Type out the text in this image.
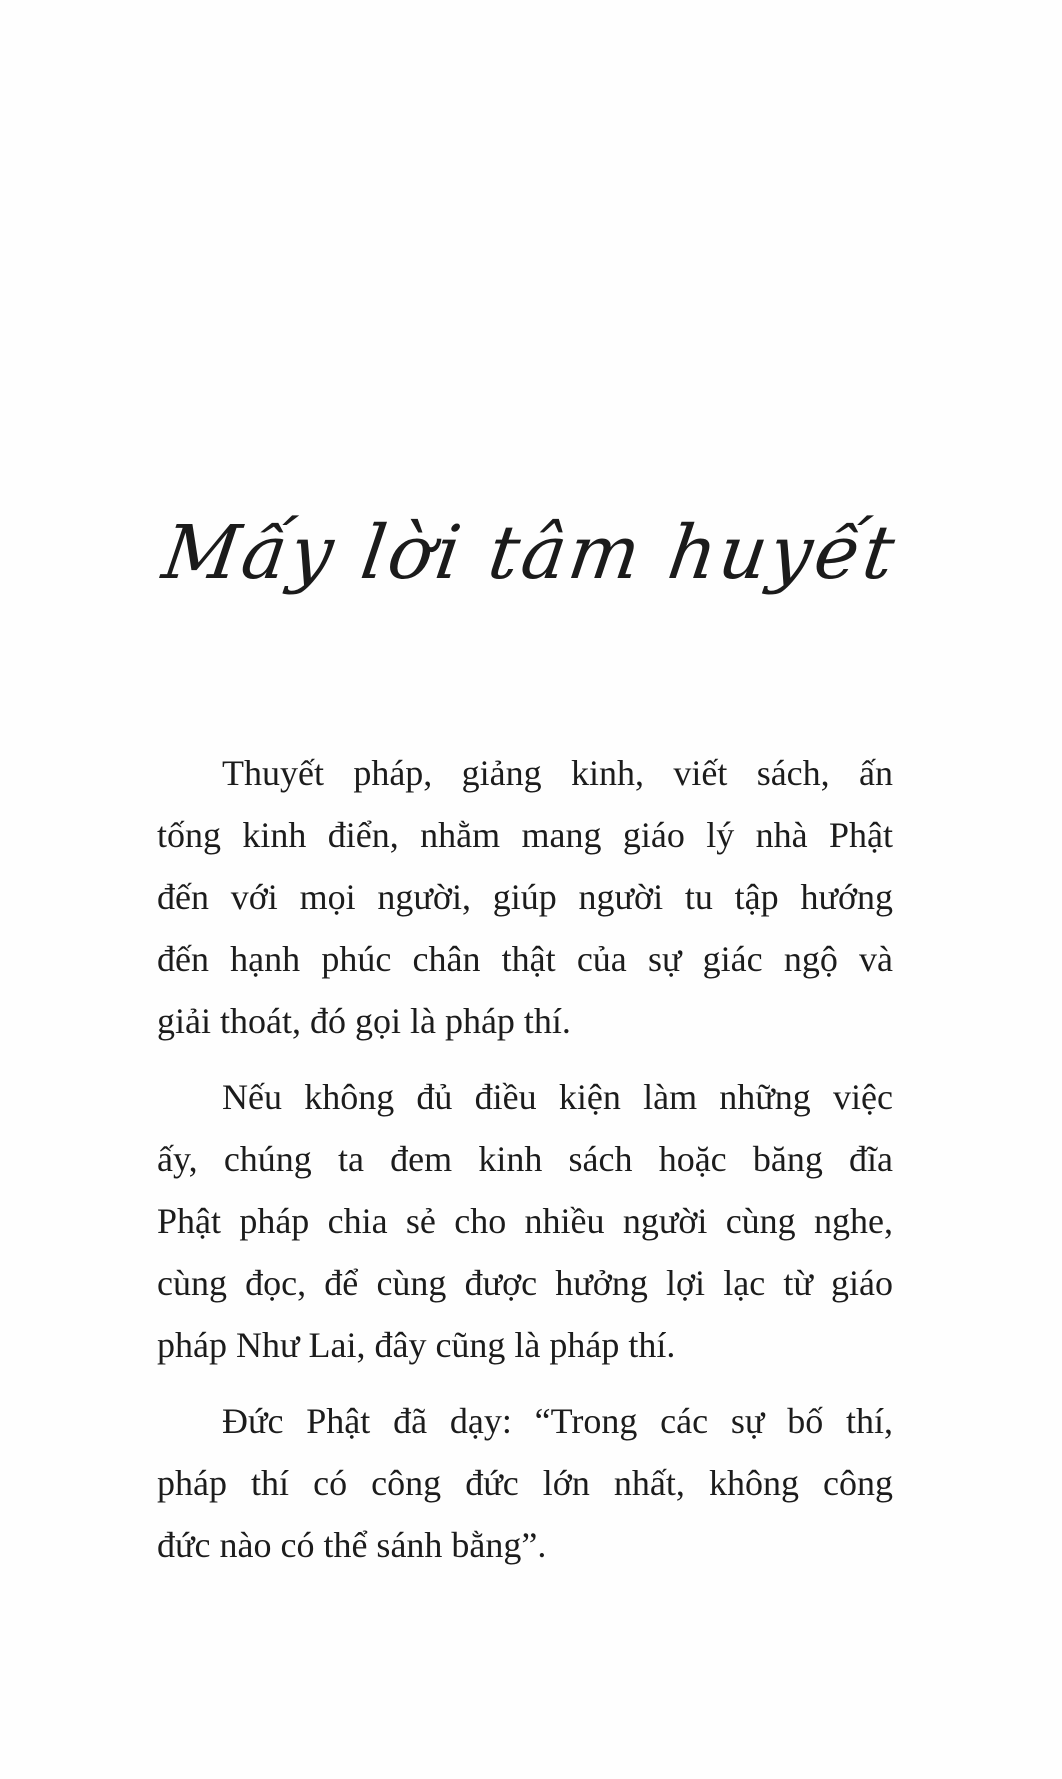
Mấy lời tâm huyết
Thuyết pháp, giảng kinh, viết sách, ấn
tống kinh điển, nhằm mang giáo lý nhà Phật
đến với mọi người, giúp người tu tập hướng
đến hạnh phúc chân thật của sự giác ngộ và
giải thoát, đó gọi là pháp thí.
Nếu không đủ điều kiện làm những việc
ấy, chúng ta đem kinh sách hoặc băng đĩa
Phật pháp chia sẻ cho nhiều người cùng nghe,
cùng đọc, để cùng được hưởng lợi lạc từ giáo
pháp Như Lai, đây cũng là pháp thí.
Đức Phật đã dạy: “Trong các sự bố thí,
pháp thí có công đức lớn nhất, không công
đức nào có thể sánh bằng”.
